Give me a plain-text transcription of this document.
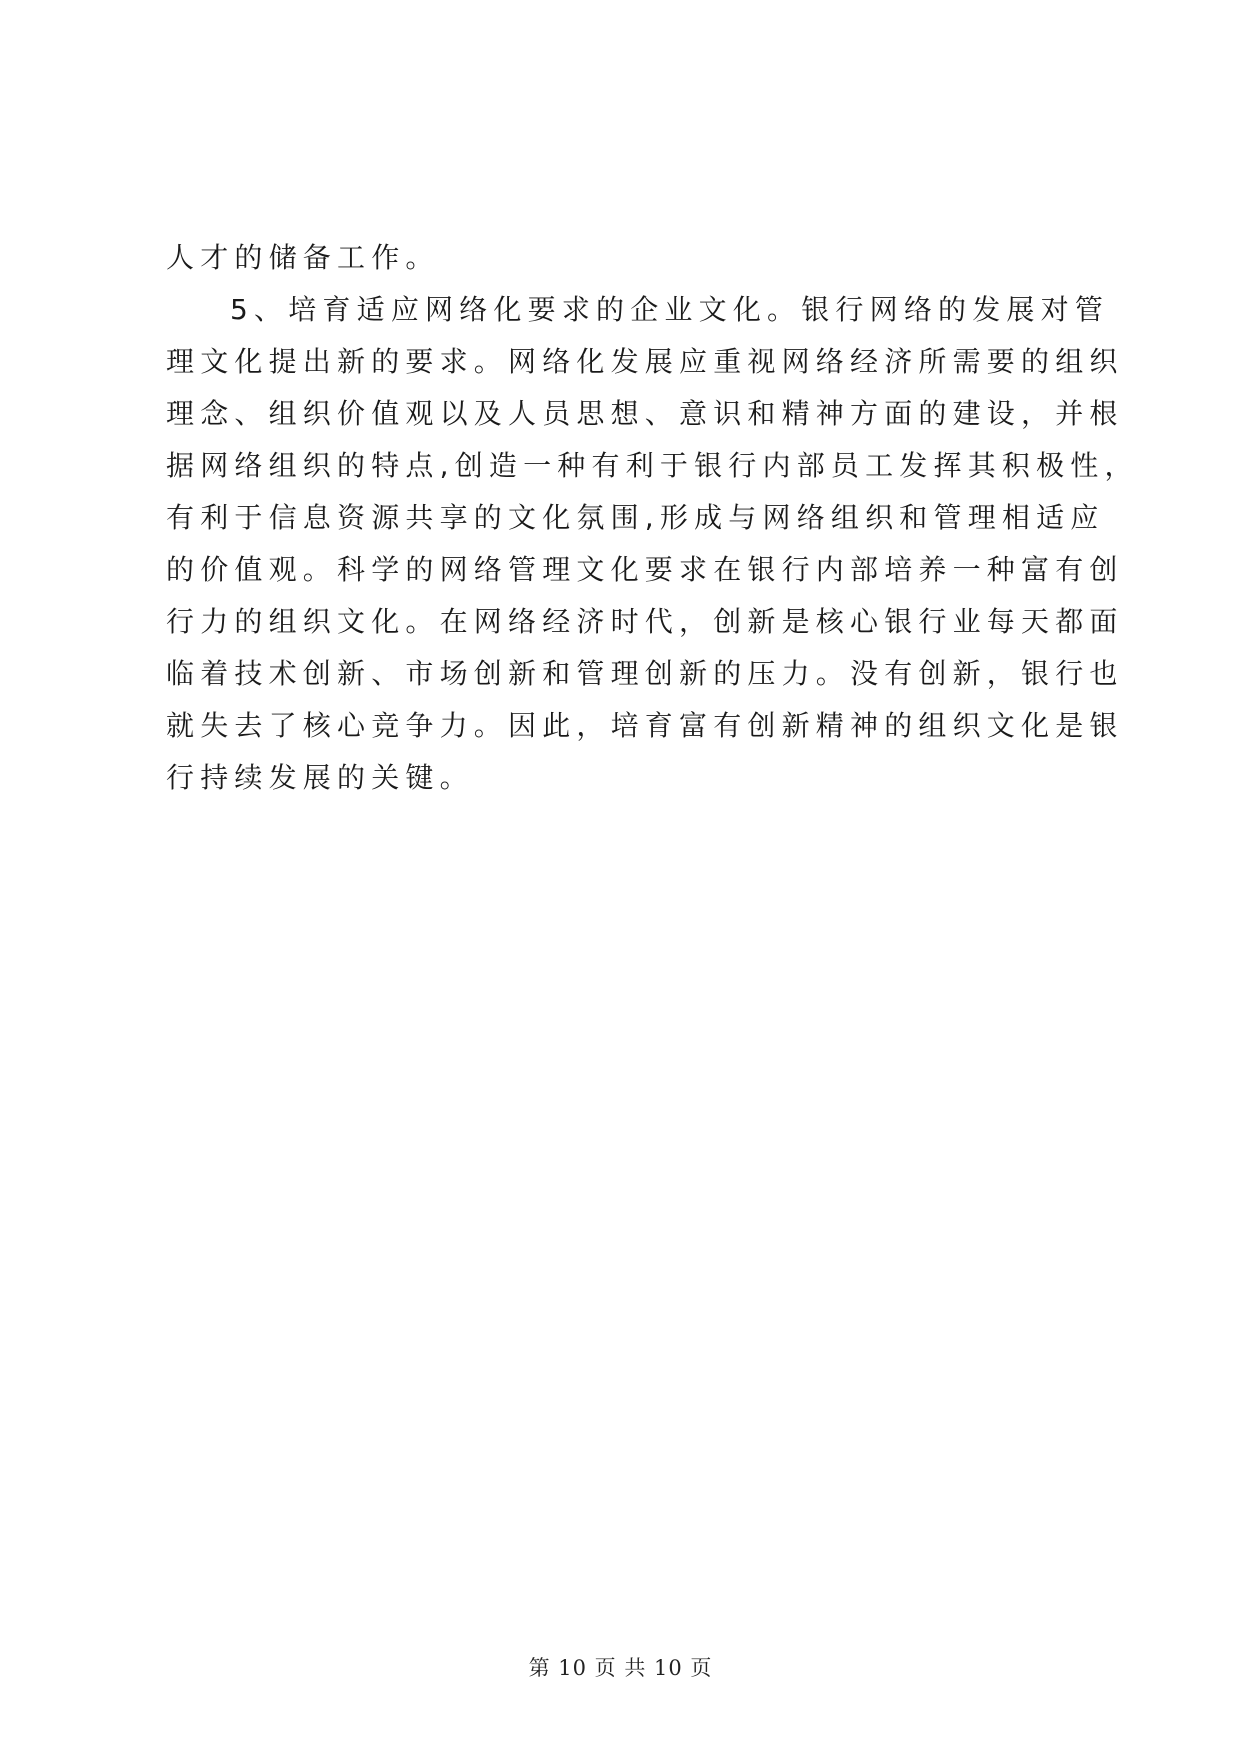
人才的储备工作。
5、培育适应网络化要求的企业文化。银行网络的发展对管
理文化提出新的要求。网络化发展应重视网络经济所需要的组织
理念、组织价值观以及人员思想、意识和精神方面的建设，并根
据网络组织的特点,创造一种有利于银行内部员工发挥其积极性，
有利于信息资源共享的文化氛围,形成与网络组织和管理相适应
的价值观。科学的网络管理文化要求在银行内部培养一种富有创
行力的组织文化。在网络经济时代，创新是核心银行业每天都面
临着技术创新、市场创新和管理创新的压力。没有创新，银行也
就失去了核心竞争力。因此，培育富有创新精神的组织文化是银
行持续发展的关键。
第 10 页 共 10 页
